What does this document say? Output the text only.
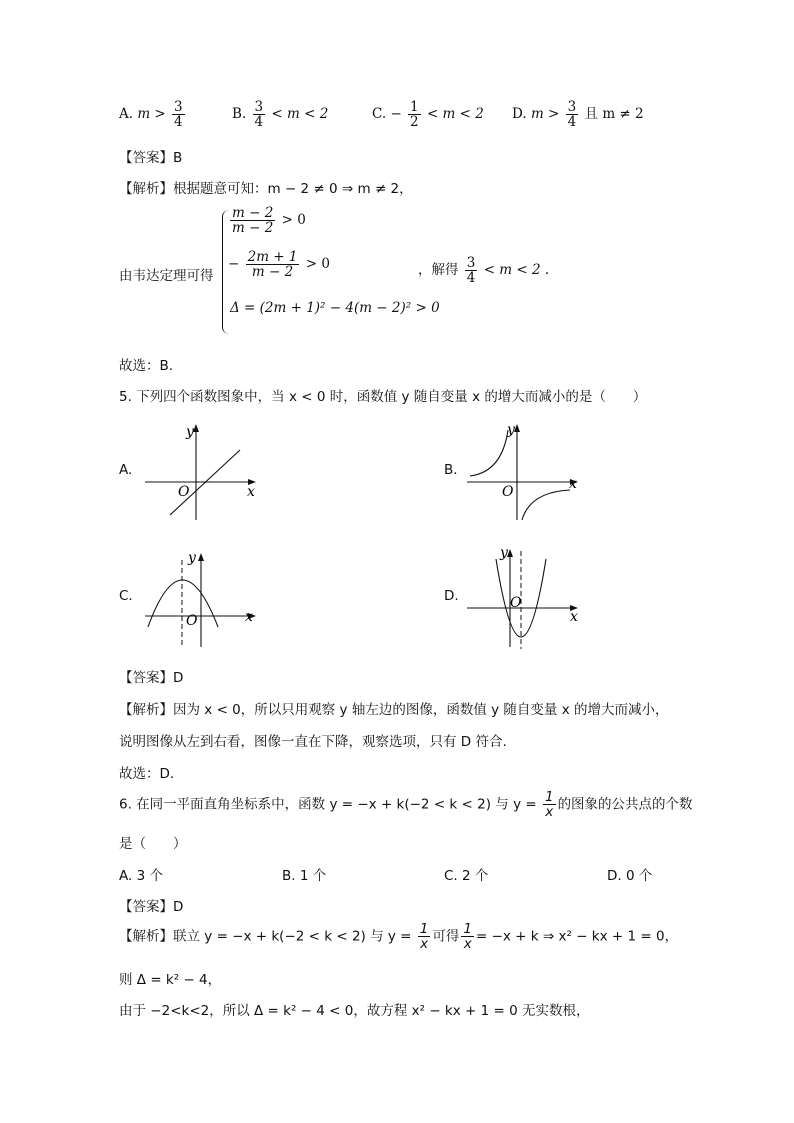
A. $m > \frac{3}{4}$	B. $\frac{3}{4} < m < 2$	C. − $\frac{1}{2} < m < 2$ D. $m > \frac{3}{4}$ 且 m ≠ 2
【答案】B
【解析】根据题意可知：m − 2 ≠ 0 ⇒ m ≠ 2，
由韦达定理可得
$\frac{m - 2}{m - 2} > 0$
− $\frac{2m + 1}{m - 2} > 0$
Δ = (2m + 1)² − 4(m − 2)² > 0
，解得 $\frac{3}{4} < m < 2$ .
故选：B.
5. 下列四个函数图象中，当 x < 0 时，函数值 y 随自变量 x 的增大而减小的是（　　）
A.	B.
C.	D.
x
y
O	x
y
O
x
y
O	x
y
O
【答案】D
【解析】因为 x < 0，所以只用观察 y 轴左边的图像，函数值 y 随自变量 x 的增大而减小，
说明图像从左到右看，图像一直在下降，观察选项，只有 D 符合.
故选：D.
6. 在同一平面直角坐标系中，函数 y = −x + k(−2 < k < 2) 与 $y = \frac{1}{x}$ 的图象的公共点的个数
是（　　）
A. 3 个	B. 1 个	C. 2 个	D. 0 个
【答案】D
【解析】联立 y = −x + k(−2 < k < 2) 与 $y = \frac{1}{x}$ 可得 $\frac{1}{x} = -x + k$ ⇒ x² − kx + 1 = 0，
则 Δ = k² − 4，
由于 −2<k<2，所以 Δ = k² − 4 < 0，故方程 x² − kx + 1 = 0 无实数根，
